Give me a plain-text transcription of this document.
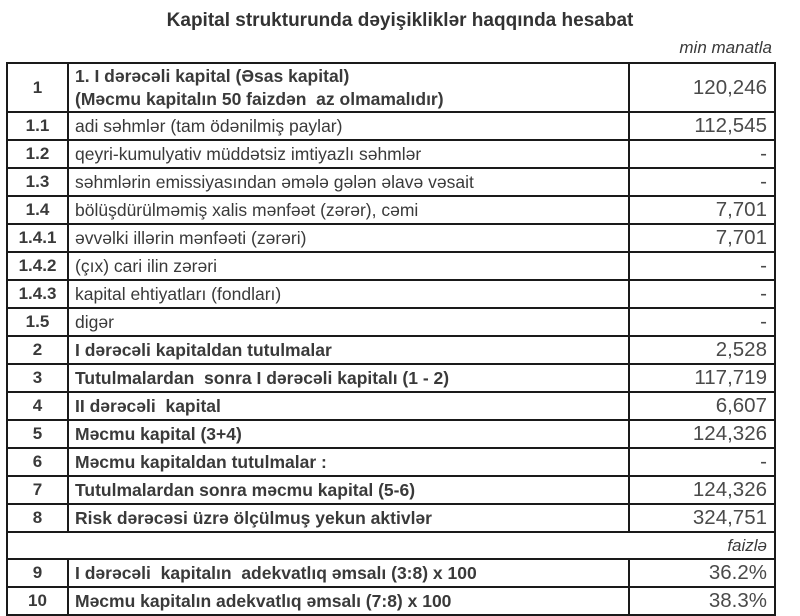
Kapital strukturunda dəyişikliklər haqqında hesabat
min manatla
1	1. I dərəcəli kapital (Əsas kapital)
(Məcmu kapitalın 50 faizdən  az olmamalıdır)	120,246
1.1	adi səhmlər (tam ödənilmiş paylar)	112,545
1.2	qeyri-kumulyativ müddətsiz imtiyazlı səhmlər	-
1.3	səhmlərin emissiyasından əmələ gələn əlavə vəsait	-
1.4	bölüşdürülməmiş xalis mənfəət (zərər), cəmi	7,701
1.4.1	əvvəlki illərin mənfəəti (zərəri)	7,701
1.4.2	(çıx) cari ilin zərəri	-
1.4.3	kapital ehtiyatları (fondları)	-
1.5	digər	-
2	I dərəcəli kapitaldan tutulmalar	2,528
3	Tutulmalardan  sonra I dərəcəli kapitalı (1 - 2)	117,719
4	II dərəcəli  kapital	6,607
5	Məcmu kapital (3+4)	124,326
6	Məcmu kapitaldan tutulmalar :	-
7	Tutulmalardan sonra məcmu kapital (5-6)	124,326
8	Risk dərəcəsi üzrə ölçülmuş yekun aktivlər	324,751
faizlə		
9	I dərəcəli  kapitalın  adekvatlıq əmsalı (3:8) x 100	36.2%
10	Məcmu kapitalın adekvatlıq əmsalı (7:8) x 100	38.3%
